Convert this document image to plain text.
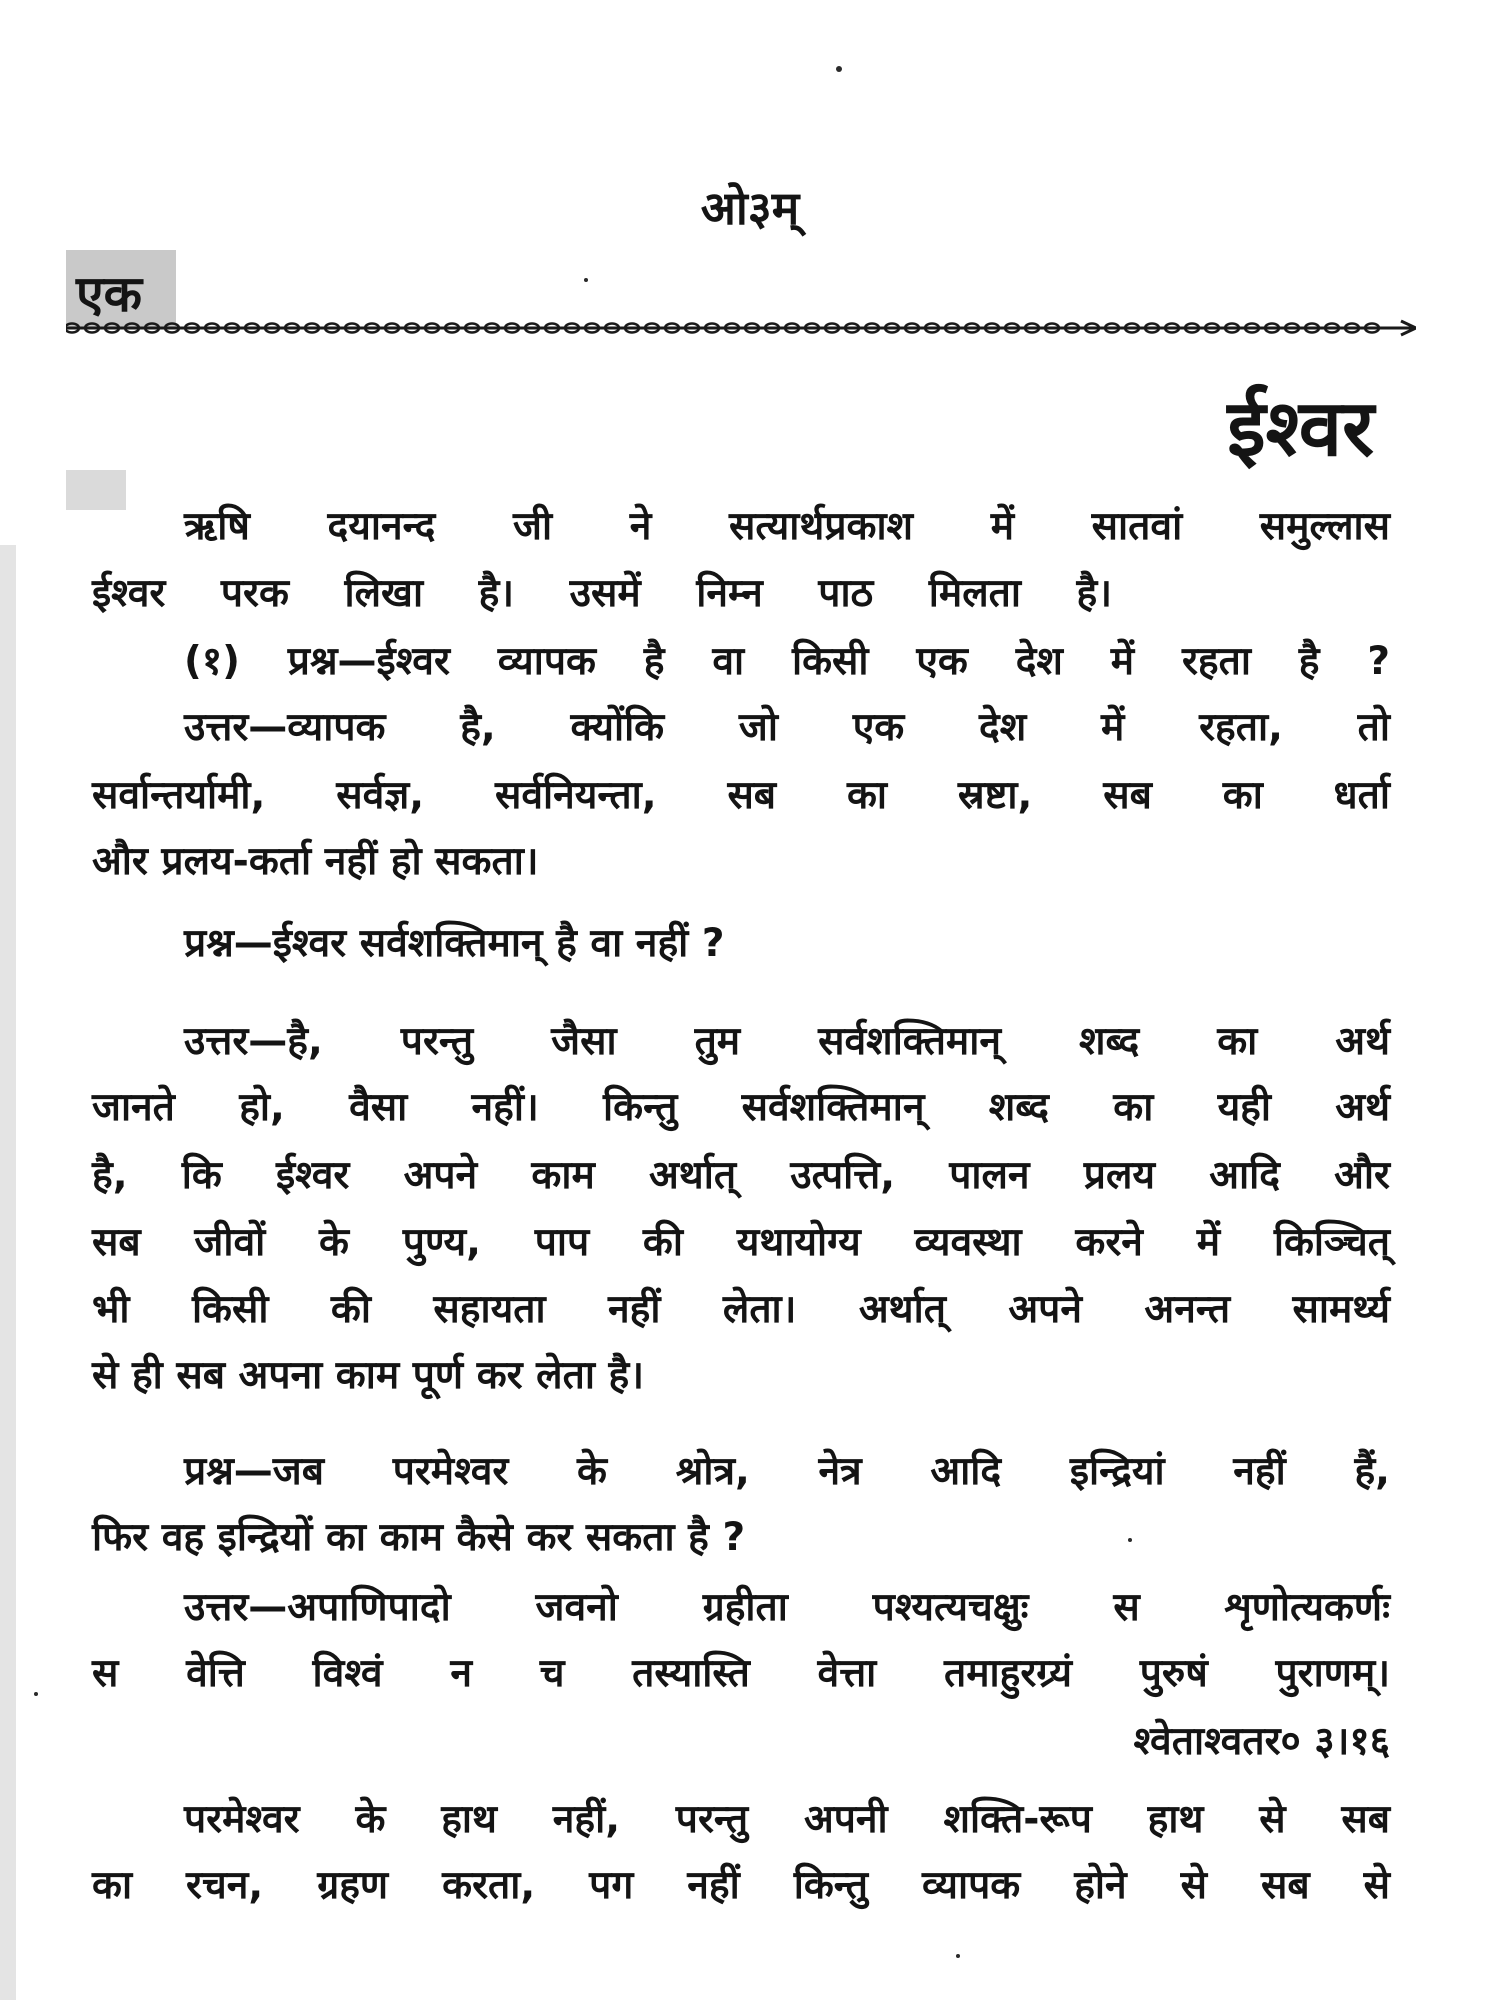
ओ३म्
एक
ईश्वर
ऋषि दयानन्द जी ने सत्यार्थप्रकाश में सातवां समुल्लास
ईश्वर परक लिखा है। उसमें निम्न पाठ मिलता है।
(१) प्रश्न—ईश्वर व्यापक है वा किसी एक देश में रहता है ?
उत्तर—व्यापक है, क्योंकि जो एक देश में रहता, तो
सर्वान्तर्यामी, सर्वज्ञ, सर्वनियन्ता, सब का स्रष्टा, सब का धर्ता
और प्रलय-कर्ता नहीं हो सकता।
प्रश्न—ईश्वर सर्वशक्तिमान् है वा नहीं ?
उत्तर—है, परन्तु जैसा तुम सर्वशक्तिमान् शब्द का अर्थ
जानते हो, वैसा नहीं। किन्तु सर्वशक्तिमान् शब्द का यही अर्थ
है, कि ईश्वर अपने काम अर्थात् उत्पत्ति, पालन प्रलय आदि और
सब जीवों के पुण्य, पाप की यथायोग्य व्यवस्था करने में किञ्चित्
भी किसी की सहायता नहीं लेता। अर्थात् अपने अनन्त सामर्थ्य
से ही सब अपना काम पूर्ण कर लेता है।
प्रश्न—जब परमेश्वर के श्रोत्र, नेत्र आदि इन्द्रियां नहीं हैं,
फिर वह इन्द्रियों का काम कैसे कर सकता है ?
उत्तर—अपाणिपादो जवनो ग्रहीता पश्यत्यचक्षुः स शृणोत्यकर्णः
स वेत्ति विश्वं न च तस्यास्ति वेत्ता तमाहुरग्र्यं पुरुषं पुराणम्।
श्वेताश्वतर० ३।१६
परमेश्वर के हाथ नहीं, परन्तु अपनी शक्ति-रूप हाथ से सब
का रचन, ग्रहण करता, पग नहीं किन्तु व्यापक होने से सब से
